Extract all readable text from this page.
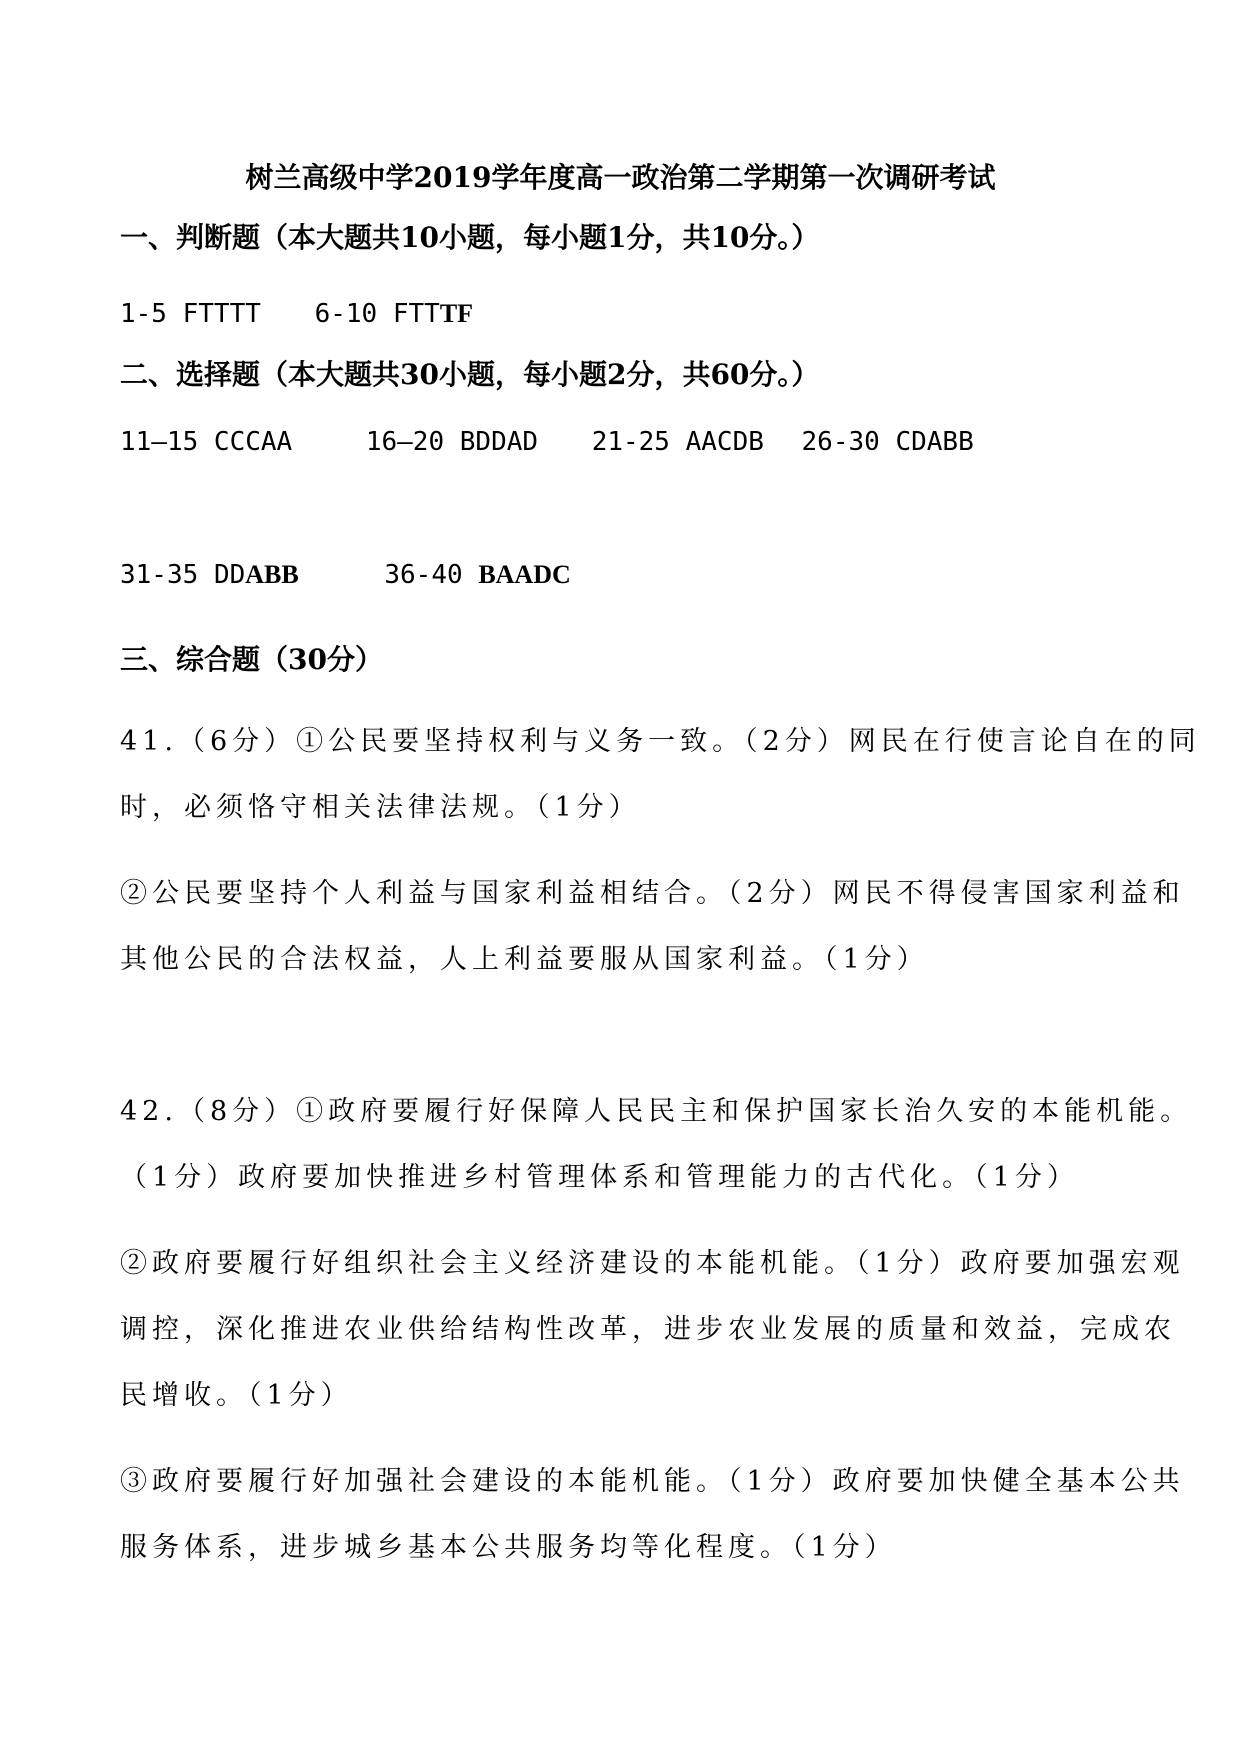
树兰高级中学2019学年度高一政治第二学期第一次调研考试
一、判断题（本大题共10小题，每小题1分，共10分。）
1-5 FTTTT 6-10 FTTTF
二、选择题（本大题共30小题，每小题2分，共60分。）
11—15 CCCAA	16—20 BDDAD 21-25 AACDB 26-30 CDABB
31-35 DDABB	36-40 BAADC
三、综合题（30分）
41.（6分）①公民要坚持权利与义务一致。（2分）网民在行使言论自在的同
时，必须恪守相关法律法规。（1分）
②公民要坚持个人利益与国家利益相结合。（2分）网民不得侵害国家利益和
其他公民的合法权益，人上利益要服从国家利益。（1分）
42.（8分）①政府要履行好保障人民民主和保护国家长治久安的本能机能。
（1分）政府要加快推进乡村管理体系和管理能力的古代化。（1分）
②政府要履行好组织社会主义经济建设的本能机能。（1分）政府要加强宏观
调控，深化推进农业供给结构性改革，进步农业发展的质量和效益，完成农
民增收。（1分）
③政府要履行好加强社会建设的本能机能。（1分）政府要加快健全基本公共
服务体系，进步城乡基本公共服务均等化程度。（1分）
